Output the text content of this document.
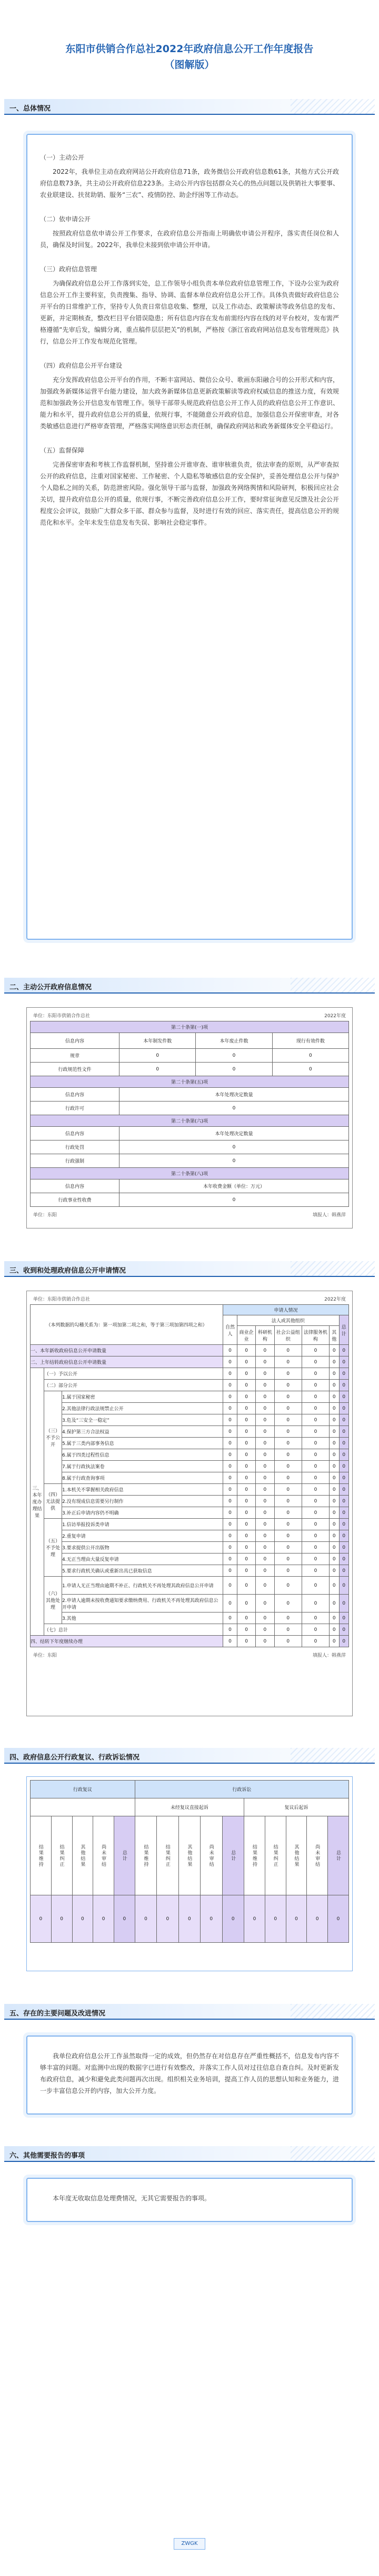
东阳市供销合作总社2022年政府信息公开工作年度报告
（图解版）
一、总体情况
（一）主动公开

2022年，我单位主动在政府网站公开政府信息71条，政务微信公开政府信息数61条，其他方式公开政府信息数73条，共主动公开政府信息223条。主动公开内容包括群众关心的热点问题以及供销社大事要事、农业联建设、扶贫助销、服务“三农”、疫情防控、助企纾困等工作动态。

（二）依申请公开

按照政府信息依申请公开工作要求，在政府信息公开指南上明确依申请公开程序，落实责任岗位和人员，确保及时回复。2022年，我单位未接到依申请公开申请。

（三）政府信息管理

为确保政府信息公开工作落到实处，总工作领导小组负责本单位政府信息管理工作，下设办公室为政府信息公开工作主要科室，负责搜集、指导、协调、监督本单位政府信息公开工作。具体负责做好政府信息公开平台的日常维护工作，坚持专人负责日常信息收集、整理，以及工作动态、政策解读等政务信息的发布、更新，并定期核查，整改栏目平台错误隐患；所有信息内容在发布前需经内容在线的对平台校对，发布需严格遵循“先审后发，编辑分离，重点稿件层层把关”的机制，严格按《浙江省政府网站信息发布管理规范》执行，信息公开工作发布规范化管理。

（四）政府信息公开平台建设

充分发挥政府信息公开平台的作用，不断丰富网站、微信公众号、歌画东阳融合号的公开形式和内容，加强政务新媒体运营平台能力建设，加大政务新媒体信息更新政策解读等政府权威信息的推送力度，有效规范和加强政务公开信息发布管理工作。领导干部带头规范政府信息公开工作人员的政府信息公开工作意识、能力和水平，提升政府信息公开的质量，依规行事，不能随意公开政府信息，加强信息公开保密审查，对各类敏感信息进行严格审查管理，严格落实网络意识形态责任制，确保政府网站和政务新媒体安全平稳运行。

（五）监督保障

完善保密审查和考核工作监督机制，坚持谁公开谁审查、谁审核谁负责，依法审查的原则，从严审查拟公开的政府信息，注重对国家秘密、工作秘密、个人隐私等敏感信息的安全保护，妥善处理信息公开与保护个人隐私之间的关系，防范泄密风险。强化领导干部与监督，加强政务网络舆情和风险研判，积极回应社会关切，提升政府信息公开的质量，依规行事，不断完善政府信息公开工作，要时常征询意见反馈及社会公开程度公会评议，鼓励广大群众多干部、群众参与监督，及时进行有效的回应、落实责任，提高信息公开的规范化和水平。全年未发生信息发布失误、影响社会稳定事件。

二、主动公开政府信息情况
单位：东阳市供销合作总社	2022年度
第二十条第(一)项			
信息内容	本年制发件数	本年废止件数	现行有效件数
规章	0	0	0
行政规范性文件	0	0	0
第二十条第(五)项			
信息内容	本年处理决定数量		
行政许可	0		
第二十条第(六)项			
信息内容	本年处理决定数量		
行政处罚	0		
行政强制	0		
第二十条第(八)项			
信息内容	本年收费金额（单位：万元）		
行政事业性收费	0		
单位：东阳	填报人：韩燕萍
三、收到和处理政府信息公开申请情况
单位：东阳市供销合作总社	2022年度
（本列数据的勾稽关系为：第一项加第二项之和，等于第三项加第四项之和）			申请人情况						
			自然人	法人或其他组织					总计
				商业企业	科研机构	社会公益组织	法律服务机构	其他	
一、本年新收政府信息公开申请数量			0	0	0	0	0	0	0
二、上年结转政府信息公开申请数量			0	0	0	0	0	0	0
三、本年度办理结果	（一）予以公开		0	0	0	0	0	0	0
	（二）部分公开		0	0	0	0	0	0	0
	（三）不予公开	1.属于国家秘密	0	0	0	0	0	0	0
		2.其他法律行政法规禁止公开	0	0	0	0	0	0	0
		3.危及“三安全一稳定”	0	0	0	0	0	0	0
		4.保护第三方合法权益	0	0	0	0	0	0	0
		5.属于三类内部事务信息	0	0	0	0	0	0	0
		6.属于四类过程性信息	0	0	0	0	0	0	0
		7.属于行政执法案卷	0	0	0	0	0	0	0
		8.属于行政查询事项	0	0	0	0	0	0	0
	（四）无法提供	1.本机关不掌握相关政府信息	0	0	0	0	0	0	0
		2.没有现成信息需要另行制作	0	0	0	0	0	0	0
		3.补正后申请内容仍不明确	0	0	0	0	0	0	0
	（五）不予处理	1.信访举报投诉类申请	0	0	0	0	0	0	0
		2.重复申请	0	0	0	0	0	0	0
		3.要求提供公开出版物	0	0	0	0	0	0	0
		4.无正当理由大量反复申请	0	0	0	0	0	0	0
		5.要求行政机关确认或重新出具已获取信息	0	0	0	0	0	0	0
	（六）其他处理	1.申请人无正当理由逾期不补正、行政机关不再处理其政府信息公开申请	0	0	0	0	0	0	0
		2.申请人逾期未按收费通知要求缴纳费用、行政机关不再处理其政府信息公开申请	0	0	0	0	0	0	0
		3.其他	0	0	0	0	0	0	0
	（七）总计		0	0	0	0	0	0	0
四、结转下年度继续办理			0	0	0	0	0	0	0
单位：东阳	填报人：韩燕萍
四、政府信息公开行政复议、行政诉讼情况
行政复议					行政诉讼									
					未经复议直接起诉					复议后起诉				

结果维持	结果纠正	其他结果	尚未审结	总计	结果维持	结果纠正	其他结果	尚未审结	总计	结果维持	结果纠正	其他结果	尚未审结	总计
0	0	0	0	0	0	0	0	0	0	0	0	0	0	0
五、存在的主要问题及改进情况

我单位政府信息公开工作虽然取得一定的成效，但仍然存在对信息存在严重性概括不，信息发布内容不够丰富的问题。对监测中出现的数据字已进行有效整改，并落实工作人员对过往信息自查自纠。及时更新发布政府信息，减少和避免此类问题再次出现。组织相关业务培训，提高工作人员的思想认知和业务能力，进一步丰富信息公开的内容，加大公开力度。

六、其他需要报告的事项

本年度无收取信息处理费情况，无其它需要报告的事项。

ZWGK
